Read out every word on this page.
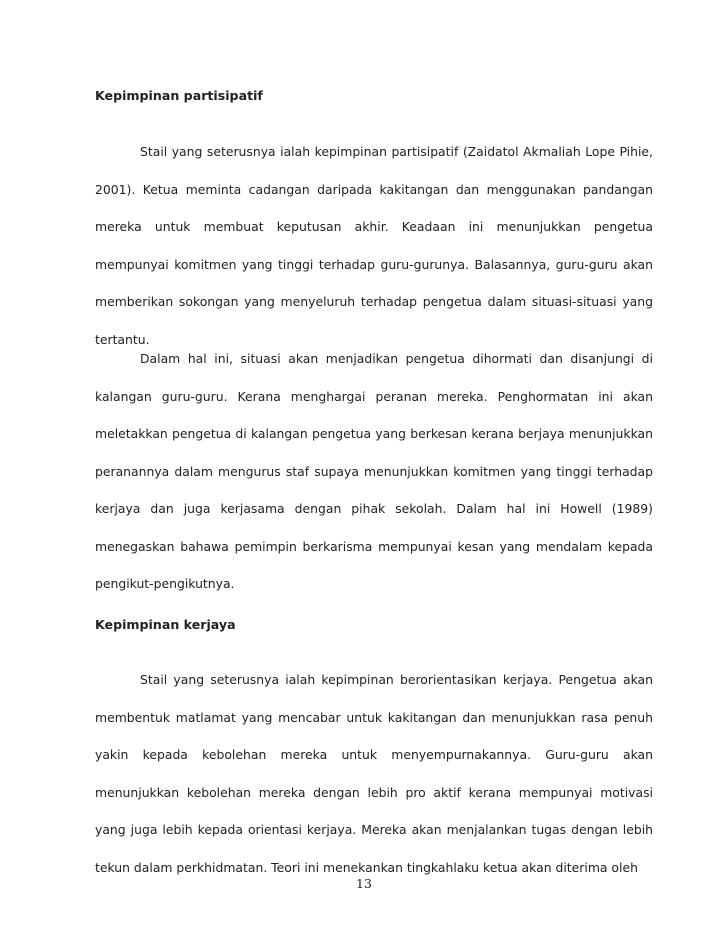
Kepimpinan partisipatif

Stail yang seterusnya ialah kepimpinan partisipatif (Zaidatol Akmaliah Lope Pihie, 2001). Ketua meminta cadangan daripada kakitangan dan menggunakan pandangan mereka untuk membuat keputusan akhir. Keadaan ini menunjukkan pengetua mempunyai komitmen yang tinggi terhadap guru-gurunya. Balasannya, guru-guru akan memberikan sokongan yang menyeluruh terhadap pengetua dalam situasi-situasi yang tertantu.

Dalam hal ini, situasi akan menjadikan pengetua dihormati dan disanjungi di kalangan guru-guru. Kerana menghargai peranan mereka. Penghormatan ini akan meletakkan pengetua di kalangan pengetua yang berkesan kerana berjaya menunjukkan peranannya dalam mengurus staf supaya menunjukkan komitmen yang tinggi terhadap kerjaya dan juga kerjasama dengan pihak sekolah. Dalam hal ini Howell (1989) menegaskan bahawa pemimpin berkarisma mempunyai kesan yang mendalam kepada pengikut-pengikutnya.

Kepimpinan kerjaya

Stail yang seterusnya ialah kepimpinan berorientasikan kerjaya. Pengetua akan membentuk matlamat yang mencabar untuk kakitangan dan menunjukkan rasa penuh yakin kepada kebolehan mereka untuk menyempurnakannya. Guru-guru akan menunjukkan kebolehan mereka dengan lebih pro aktif kerana mempunyai motivasi yang juga lebih kepada orientasi kerjaya. Mereka akan menjalankan tugas dengan lebih tekun dalam perkhidmatan. Teori ini menekankan tingkahlaku ketua akan diterima oleh

13
